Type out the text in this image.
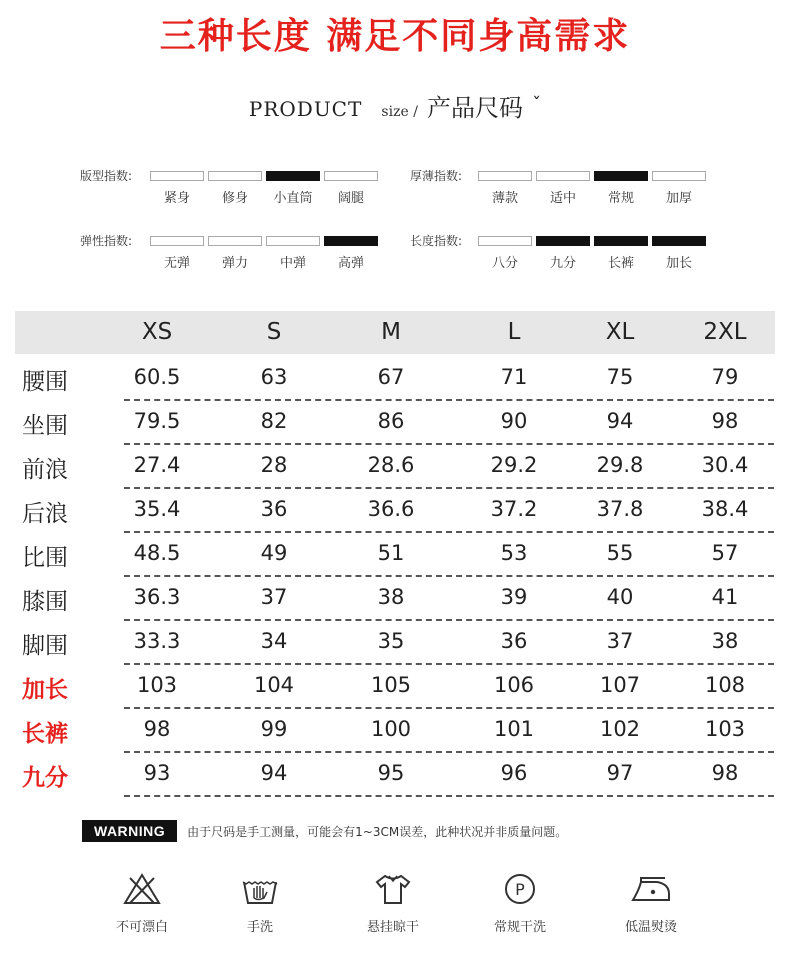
三种长度 满足不同身高需求
PRODUCT size / 产品尺码 ˇ
版型指数:
紧身	修身	小直筒	阔腿
厚薄指数:
薄款	适中	常规	加厚
弹性指数:
无弹	弹力	中弹	高弹
长度指数:
八分	九分	长裤	加长
XS	S	M	L	XL	2XL
腰围	60.5	63	67	71	75	79
坐围	79.5	82	86	90	94	98
前浪	27.4	28	28.6	29.2	29.8	30.4
后浪	35.4	36	36.6	37.2	37.8	38.4
比围	48.5	49	51	53	55	57
膝围	36.3	37	38	39	40	41
脚围	33.3	34	35	36	37	38
加长	103	104	105	106	107	108
长裤	98	99	100	101	102	103
九分	93	94	95	96	97	98
WARNING	由于尺码是手工测量，可能会有1~3CM误差，此种状况并非质量问题。
不可漂白	手洗	悬挂晾干
P
常规干洗	低温熨烫
